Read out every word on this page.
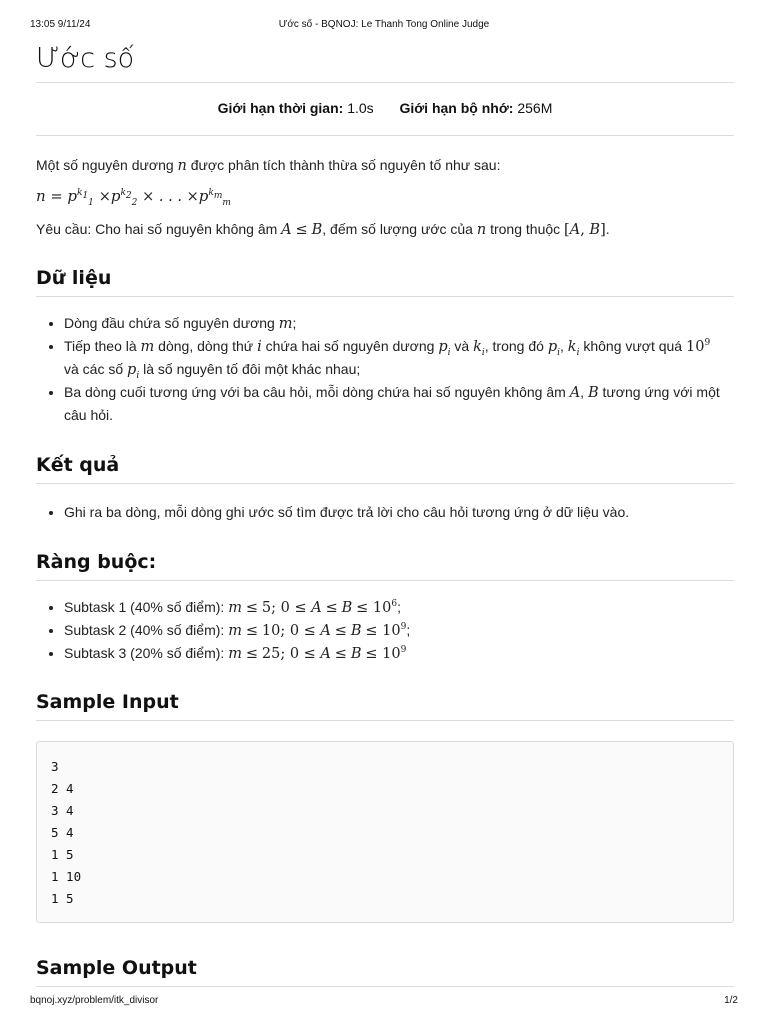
13:05 9/11/24	Ước số - BQNOJ: Le Thanh Tong Online Judge
Ước số
Giới hạn thời gian: 1.0s Giới hạn bộ nhớ: 256M

Một số nguyên dương n được phân tích thành thừa số nguyên tố như sau:

$n = p^{k_1}_1 \times p^{k_2}_2$ × . . . $\times p^{k_m}_m$

Yêu cầu: Cho hai số nguyên không âm A ≤ B, đếm số lượng ước của n trong thuộc [A, B].

Dữ liệu
• Dòng đầu chứa số nguyên dương m;
• Tiếp theo là m dòng, dòng thứ i chứa hai số nguyên dương $p_i$ và $k_i$, trong đó $p_i$, $k_i$ không vượt quá $10^9$
và các số $p_i$ là số nguyên tố đôi một khác nhau;
• Ba dòng cuối tương ứng với ba câu hỏi, mỗi dòng chứa hai số nguyên không âm A, B tương ứng với một câu hỏi.
Kết quả
• Ghi ra ba dòng, mỗi dòng ghi ước số tìm được trả lời cho câu hỏi tương ứng ở dữ liệu vào.
Ràng buộc:
• Subtask 1 (40% số điểm): m ≤ 5; $0 \le A \le B \le 10^6$;
• Subtask 2 (40% số điểm): m ≤ 10; $0 \le A \le B \le 10^9$;
• Subtask 3 (20% số điểm): m ≤ 25; $0 \le A \le B \le 10^9$
Sample Input
3
2 4
3 4
5 4
1 5
1 10
1 5
Sample Output
bqnoj.xyz/problem/itk_divisor	1/2
